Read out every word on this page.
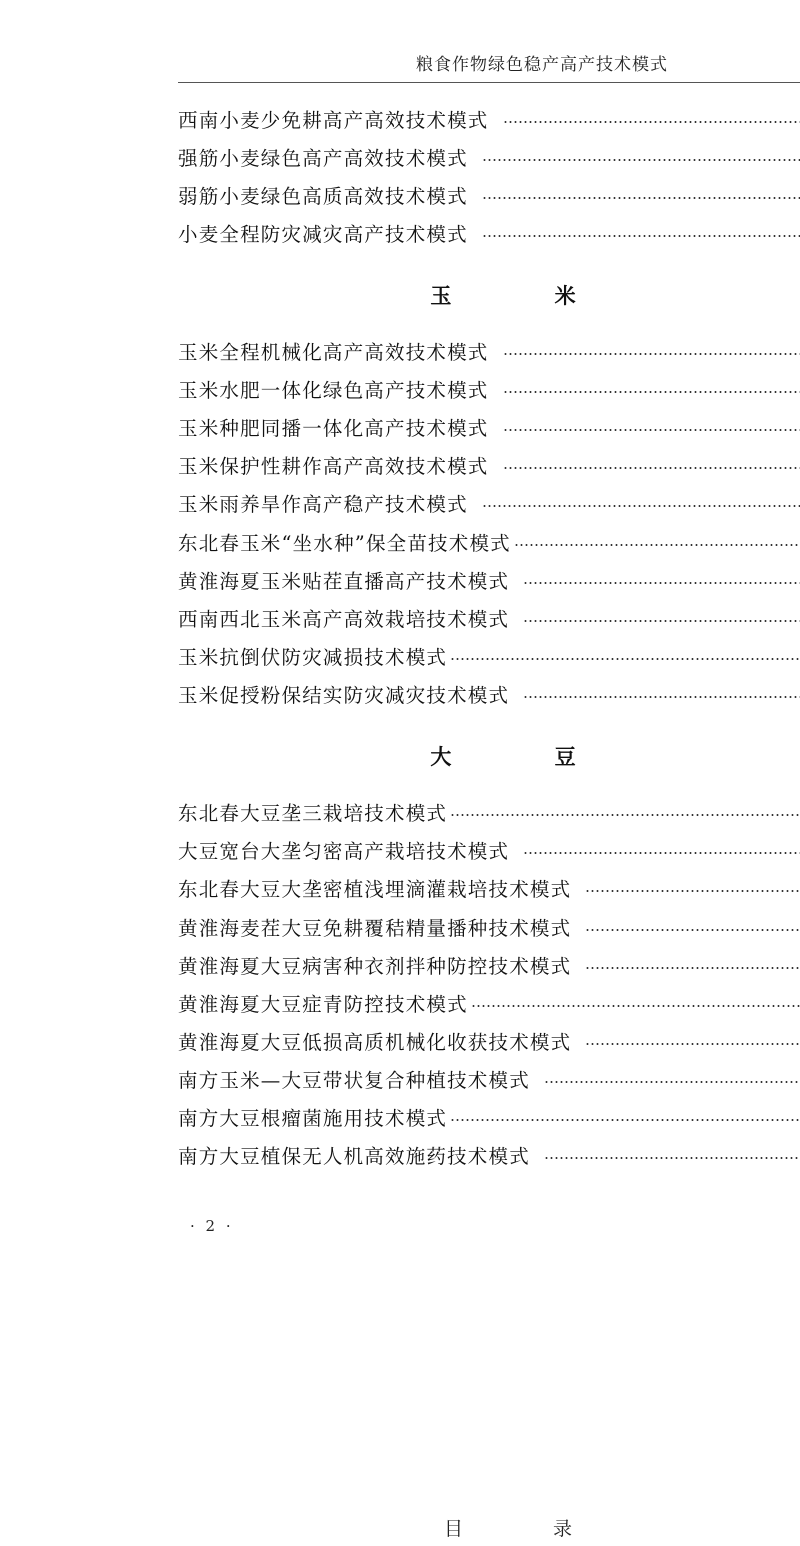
粮食作物绿色稳产高产技术模式
西南小麦少免耕高产高效技术模式
强筋小麦绿色高产高效技术模式
弱筋小麦绿色高质高效技术模式
小麦全程防灾减灾高产技术模式
玉 米
玉米全程机械化高产高效技术模式
玉米水肥一体化绿色高产技术模式
玉米种肥同播一体化高产技术模式
玉米保护性耕作高产高效技术模式
玉米雨养旱作高产稳产技术模式
东北春玉米“坐水种”保全苗技术模式
黄淮海夏玉米贴茬直播高产技术模式
西南西北玉米高产高效栽培技术模式
玉米抗倒伏防灾减损技术模式
玉米促授粉保结实防灾减灾技术模式
大 豆
东北春大豆垄三栽培技术模式
大豆宽台大垄匀密高产栽培技术模式
东北春大豆大垄密植浅埋滴灌栽培技术模式
黄淮海麦茬大豆免耕覆秸精量播种技术模式
黄淮海夏大豆病害种衣剂拌种防控技术模式
黄淮海夏大豆症青防控技术模式
黄淮海夏大豆低损高质机械化收获技术模式
南方玉米—大豆带状复合种植技术模式
南方大豆根瘤菌施用技术模式
南方大豆植保无人机高效施药技术模式
· 2 ·
目 录
